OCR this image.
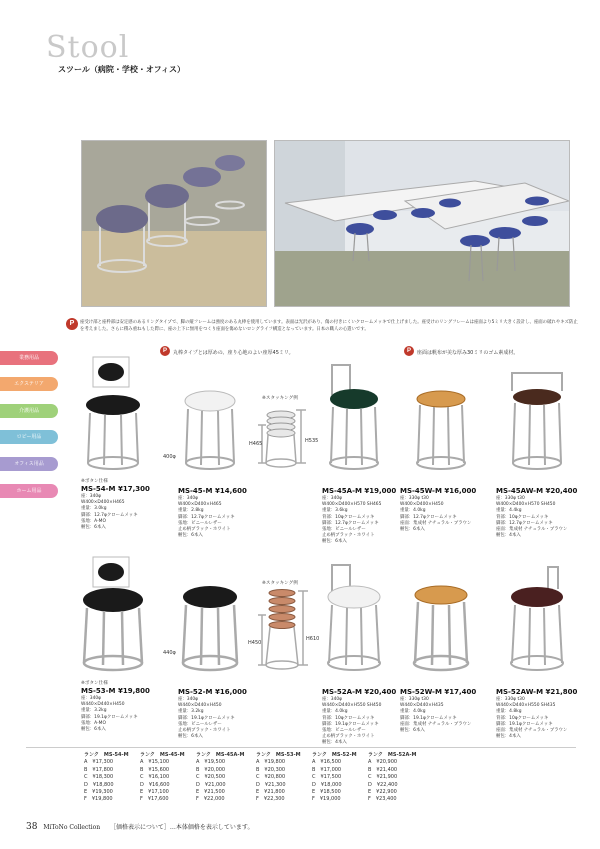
Stool
スツール（病院・学校・オフィス）
P	座受け部と座枠部は安定感のあるリングタイプで、脚の縦フレームは強度のある丸棒を使用しています。表面は光沢があり、傷の付きにくいクロームメッキで仕上げました。座受けのリングフレームは座面より5ミリ大きく設計し、座面の破れやキズ防止を考えました。さらに積み重ねもした際に、座の上下に無用をつくり座面を傷めないロングライフ構造となっています。日本の職人の心遣いです。
業務用品
エクステリア
介護用品
ロビー用品
オフィス用品
ホーム用品
P	丸棒タイプとは厚めの、座り心地のよい座厚45ミリ。	P	座面は帆布が美な厚み30ミリのゴム素成材。
※スタッキング例
H465	H535
400φ
※ボタン仕様
MS-54-M ¥17,300
座：340φ
W400×D400×H465
重量：3.0kg
脚部：12.7φクロームメッキ
張地：A-MO
梱包：6本入
MS-45-M ¥14,600
座：340φ
W400×D400×H465
重量：2.8kg
脚部：12.7φクロームメッキ
張地：ビニールレザー
止め柄ブラック・ホワイト
梱包：6本入
MS-45A-M ¥19,000
座：340φ
W400×D400×H570 SH465
重量：3.6kg
背部：10φクロームメッキ
脚部：12.7φクロームメッキ
張地：ビニールレザー
止め柄ブラック・ホワイト
梱包：6本入
MS-45W-M ¥16,000
座：330φ t30
W400×D400×H450
重量：4.0kg
脚部：12.7φクロームメッキ
座面：集成材 ナチュラル・ブラウン
梱包：6本入
MS-45AW-M ¥20,400
座：330φ t30
W400×D400×H570 SH450
重量：4.4kg
背部：10φクロームメッキ
脚部：12.7φクロームメッキ
座面：集成材 ナチュラル・ブラウン
梱包：4本入
※スタッキング例
H450
H610
440φ
※ボタン仕様
MS-53-M ¥19,800
座：340φ
W440×D440×H450
重量：3.2kg
脚部：19.1φクロームメッキ
張地：A-MO
梱包：6本入
MS-52-M ¥16,000
座：340φ
W440×D440×H450
重量：3.2kg
脚部：19.1φクロームメッキ
張地：ビニールレザー
止め柄ブラック・ホワイト
梱包：6本入
MS-52A-M ¥20,400
座：340φ
W440×D440×H550 SH450
重量：4.0kg
背部：10φクロームメッキ
脚部：19.1φクロームメッキ
張地：ビニールレザー
止め柄ブラック・ホワイト
梱包：4本入
MS-52W-M ¥17,400
座：330φ t30
W440×D440×H435
重量：4.0kg
脚部：19.1φクロームメッキ
座面：集成材 ナチュラル・ブラウン
梱包：6本入
MS-52AW-M ¥21,800
座：330φ t30
W440×D440×H550 SH435
重量：4.8kg
背部：10φクロームメッキ
脚部：19.1φクロームメッキ
座面：集成材 ナチュラル・ブラウン
梱包：4本入
ランク　MS-54-M
A　¥17,300
B　¥17,800
C　¥18,300
D　¥18,800
E　¥19,300
F　¥19,800
ランク　MS-45-M
A　¥15,100
B　¥15,600
C　¥16,100
D　¥16,600
E　¥17,100
F　¥17,600
ランク　MS-45A-M
A　¥19,500
B　¥20,000
C　¥20,500
D　¥21,000
E　¥21,500
F　¥22,000
ランク　MS-53-M
A　¥19,800
B　¥20,300
C　¥20,800
D　¥21,300
E　¥21,800
F　¥22,300
ランク　MS-52-M
A　¥16,500
B　¥17,000
C　¥17,500
D　¥18,000
E　¥18,500
F　¥19,000
ランク　MS-52A-M
A　¥20,900
B　¥21,400
C　¥21,900
D　¥22,400
E　¥22,900
F　¥23,400
38 MiToNo Collection ［価格表示について］…本体価格を表示しています。
